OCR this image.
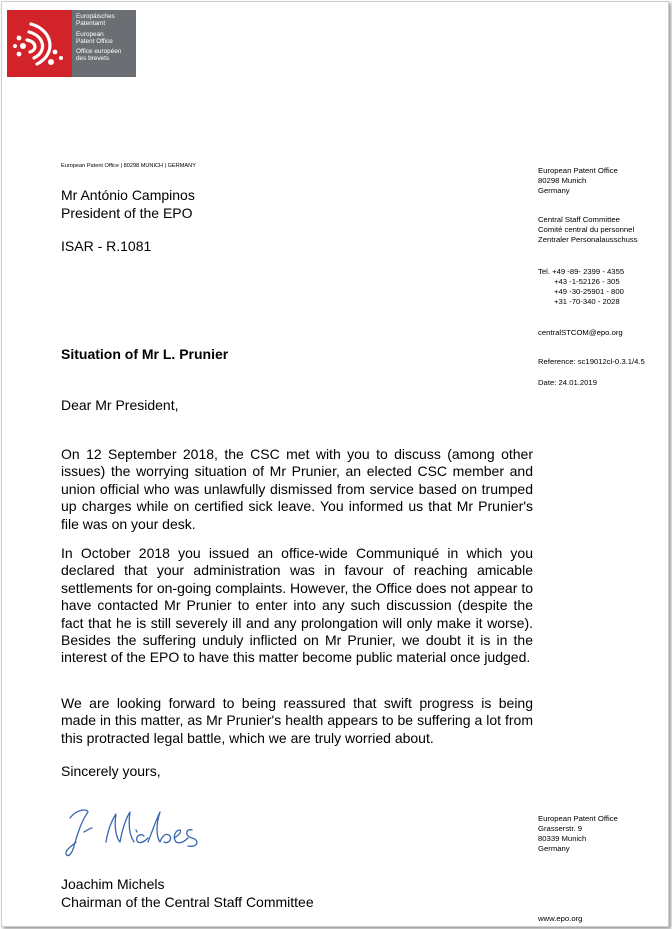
Europäisches
Patentamt
European
Patent Office
Office européen
des brevets
European Patent Office | 80298 MUNICH | GERMANY
Mr António Campinos
President of the EPO
ISAR - R.1081
Situation of Mr L. Prunier
Dear Mr President,
On 12 September 2018, the CSC met with you to discuss (among other issues) the worrying situation of Mr Prunier, an elected CSC member and union official who was unlawfully dismissed from service based on trumped up charges while on certified sick leave. You informed us that Mr Prunier's file was on your desk.
In October 2018 you issued an office-wide Communiqué in which you declared that your administration was in favour of reaching amicable settlements for on-going complaints. However, the Office does not appear to have contacted Mr Prunier to enter into any such discussion (despite the fact that he is still severely ill and any prolongation will only make it worse). Besides the suffering unduly inflicted on Mr Prunier, we doubt it is in the interest of the EPO to have this matter become public material once judged.
We are looking forward to being reassured that swift progress is being made in this matter, as Mr Prunier's health appears to be suffering a lot from this protracted legal battle, which we are truly worried about.
Sincerely yours,
Joachim Michels
Chairman of the Central Staff Committee
European Patent Office
80298 Munich
Germany
Central Staff Committee
Comité central du personnel
Zentraler Personalausschuss
Tel. +49 -89- 2399 - 4355
+43 -1-52126 - 305
+49 -30-25901 - 800
+31 -70-340 - 2028
centralSTCOM@epo.org
Reference: sc19012cl-0.3.1/4.5
Date: 24.01.2019
European Patent Office
Grasserstr. 9
80339 Munich
Germany
www.epo.org
